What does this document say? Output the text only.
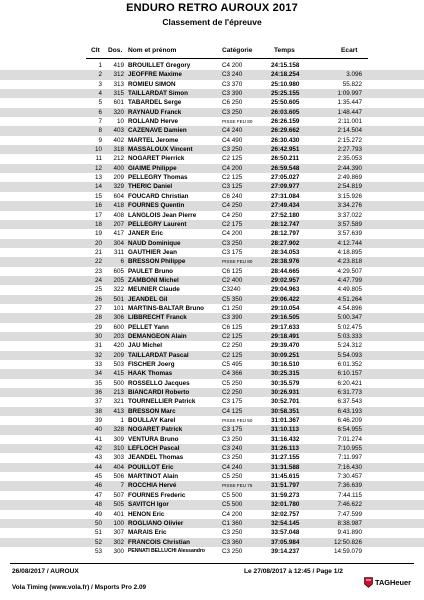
ENDURO RETRO AUROUX 2017
Classement de l'épreuve
Clt Dos. Nom et prénom	Catégorie	Temps	Ecart
1	419 BROUILLET Gregory	C4 200	24:15.158
2	312 JEOFFRE Maxime	C3 240	24:18.254	3.096
3	313 ROMIEU SIMON	C3 370	25:10.980	55.822
4	315 TAILLARDAT Simon	C3 390	25:25.155	1:09.997
5	601 TABARDEL Serge	C6 250	25:50.605	1:35.447
6	320 RAYNAUD Franck	C3 250	26:03.605	1:48.447
7	10 ROLLAND Herve	PISSE FEU 80	26:26.159	2:11.001
8	403 CAZENAVE Damien	C4 240	26:29.662	2:14.504
9	402 MARTEL Jerome	C4 490	26:30.430	2:15.272
10	318 MASSALOUX Vincent	C3 250	26:42.951	2:27.793
11	212 NOGARET Pierrick	C2 125	26:50.211	2:35.053
12	400 GIAIME Philippe	C4 200	26:59.548	2:44.390
13	209 PELLEGRY Thomas	C2 125	27:05.027	2:49.869
14	329 THERIC Daniel	C3 125	27:09.977	2:54.819
15	604 FOUCARD Christian	C6 240	27:31.084	3:15.926
16	418 FOURNES Quentin	C4 250	27:49.434	3:34.276
17	408 LANGLOIS Jean Pierre	C4 250	27:52.180	3:37.022
18	207 PELLEGRY Laurent	C2 175	28:12.747	3:57.589
19	417 JANER Eric	C4 200	28:12.797	3:57.639
20	304 NAUD Dominique	C3 250	28:27.902	4:12.744
21	311 GAUTHIER Jean	C3 175	28:34.053	4:18.895
22	6 BRESSON Philippe	PISSE FEU 80	28:38.976	4:23.818
23	605 PAULET Bruno	C6 125	28:44.665	4:29.507
24	205 ZAMBONI Michel	C2 400	29:02.957	4:47.799
25	322 MEUNIER Claude	C3240	29:04.963	4:49.805
26	501 JEANDEL Gil	C5 350	29:06.422	4:51.264
27	101 MARTINS-BALTAR Bruno	C1 250	29:10.054	4:54.896
28	306 LIBBRECHT Franck	C3 390	29:16.505	5:00.347
29	600 PELLET Yann	C6 125	29:17.633	5:02.475
30	203 DEMANGEON Alain	C2 125	29:18.491	5:03.333
31	420 JAU Michel	C2 250	29:39.470	5:24.312
32	209 TAILLARDAT Pascal	C2 125	30:09.251	5:54.093
33	503 FISCHER Joerg	C5 495	30:16.510	6:01.352
34	415 HAAK Thomas	C4 366	30:25.315	6:10.157
35	500 ROSSELLO Jacques	C5 250	30:35.579	6:20.421
36	213 BIANCARDI Roberto	C2 250	30:26.931	6:31.773
37	321 TOURNELLIER Patrick	C3 175	30:52.701	6:37.543
38	413 BRESSON Marc	C4 125	30:58.351	6:43.193
39	1 BOULLAY Karel	PISSE FEU 50	31:01.367	6:46.209
40	328 NOGARET Patrick	C3 175	31:10.113	6:54.955
41	309 VENTURA Bruno	C3 250	31:16.432	7:01.274
42	310 LEFLOCH Pascal	C3 240	31:26.113	7:10.955
43	303 JEANDEL Thomas	C3 250	31:27.155	7:11.997
44	404 POUILLOT Eric	C4 240	31:31.588	7:16.430
45	506 MARTINOT Alain	C5 250	31:45.615	7:30.457
46	7 ROCCHIA Hervé	PISSE FEU 75	31:51.797	7:36.639
47	507 FOURNES Frederic	C5 500	31:59.273	7:44.115
48	505 SAVITCH Igor	C5 500	32:01.780	7:46.622
49	401 HENON Eric	C4 200	32:02.757	7:47.599
50	100 ROGLIANO Olivier	C1 360	32:54.145	8:38.987
51	307 MARAIS Eric	C3 250	33:57.048	9:41.890
52	302 FRANCOIS Christian	C3 360	37:05.984	12:50.826
53	300 PENNATI BELLUCHI Alessandro	C3 250	39:14.237	14:59.079
26/08/2017 / AUROUX	Le 27/08/2017 à 12:45 / Page 1/2
Vola Timing (www.vola.fr) / Msports Pro 2.09
TAGHeuer
